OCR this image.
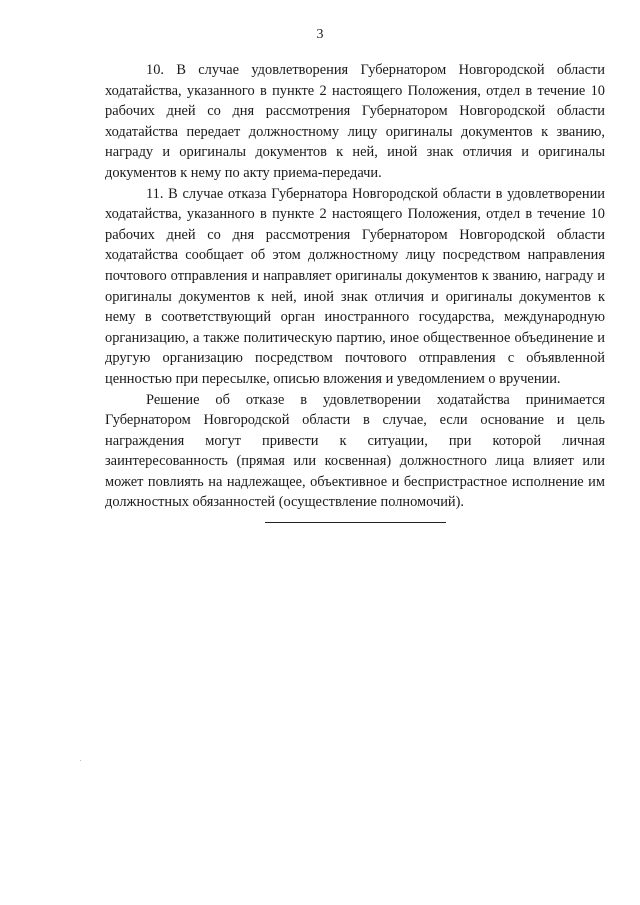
3

10. В случае удовлетворения Губернатором Новгородской области ходатайства, указанного в пункте 2 настоящего Положения, отдел в течение 10 рабочих дней со дня рассмотрения Губернатором Новгородской области ходатайства передает должностному лицу оригиналы документов к званию, награду и оригиналы документов к ней, иной знак отличия и оригиналы документов к нему по акту приема-передачи.

11. В случае отказа Губернатора Новгородской области в удовлетворении ходатайства, указанного в пункте 2 настоящего Положения, отдел в течение 10 рабочих дней со дня рассмотрения Губернатором Новгородской области ходатайства сообщает об этом должностному лицу посредством направления почтового отправления и направляет оригиналы документов к званию, награду и оригиналы документов к ней, иной знак отличия и оригиналы документов к нему в соответствующий орган иностранного государства, международную организацию, а также политическую партию, иное общественное объединение и другую организацию посредством почтового отправления с объявленной ценностью при пересылке, описью вложения и уведомлением о вручении.

Решение об отказе в удовлетворении ходатайства принимается Губернатором Новгородской области в случае, если основание и цель награждения могут привести к ситуации, при которой личная заинтересованность (прямая или косвенная) должностного лица влияет или может повлиять на надлежащее, объективное и беспристрастное исполнение им должностных обязанностей (осуществление полномочий).
